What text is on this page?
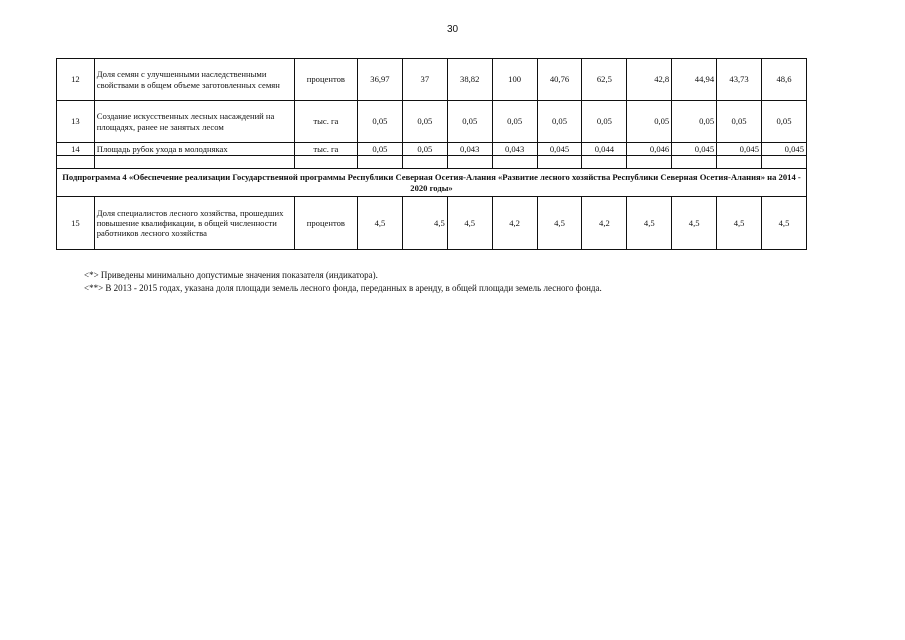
30
12	Доля семян с улучшенными наследственными свойствами в общем объеме заготовленных семян	процентов	36,97	37	38,82	100	40,76	62,5	42,8	44,94	43,73	48,6
13	Создание искусственных лесных насаждений на площадях, ранее не занятых лесом	тыс. га	0,05	0,05	0,05	0,05	0,05	0,05	0,05	0,05	0,05	0,05
14	Площадь рубок ухода в молодняках	тыс. га	0,05	0,05	0,043	0,043	0,045	0,044	0,046	0,045	0,045	0,045

Подпрограмма 4 «Обеспечение реализации Государственной программы Республики Северная Осетия-Алания «Развитие лесного хозяйства Республики Северная Осетия-Алания» на 2014 - 2020 годы»												
15	Доля специалистов лесного хозяйства, прошедших повышение квалификации, в общей численности работников лесного хозяйства	процентов	4,5	4,5	4,5	4,2	4,5	4,2	4,5	4,5	4,5	4,5
<*> Приведены минимально допустимые значения показателя (индикатора).
<**> В 2013 - 2015 годах, указана доля площади земель лесного фонда, переданных в аренду, в общей площади земель лесного фонда.
